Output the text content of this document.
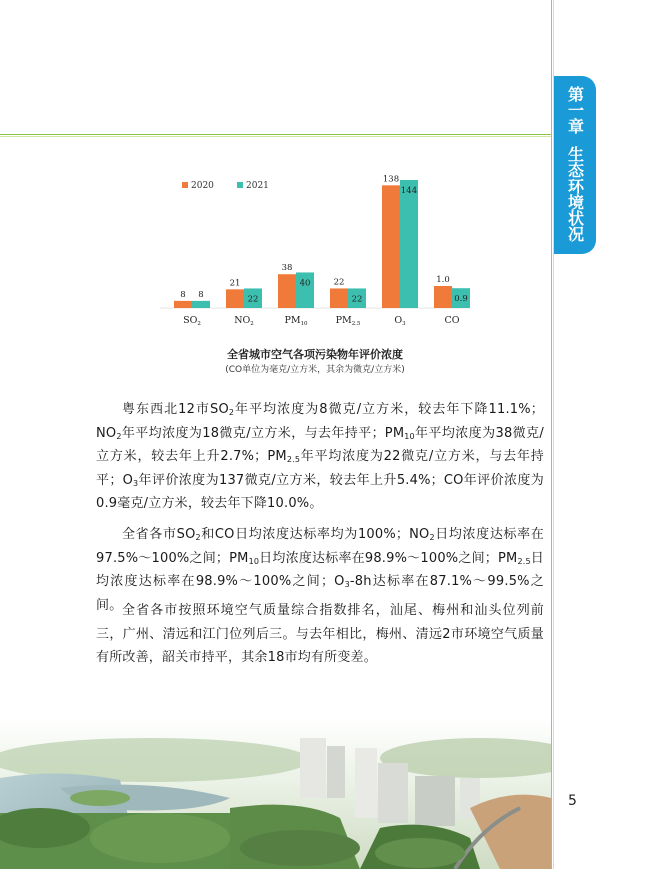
第一章
生态环境状况
2020	2021
8 8
$SO_2$
21
22
$NO_2$
38
40
$PM_{10}$
22
22
$PM_{2.5}$
138
144
$O_3$
1.0
0.9
CO
全省城市空气各项污染物年评价浓度
(CO单位为毫克/立方米，其余为微克/立方米)
粤东西北12市$SO_2$年平均浓度为8微克/立方米，较去年下降11.1%；$NO_2$年平均浓度为18微克/立方米，与去年持平；$PM_{10}$年平均浓度为38微克/立方米，较去年上升2.7%；$PM_{2.5}$年平均浓度为22微克/立方米，与去年持平；$O_3$年评价浓度为137微克/立方米，较去年上升5.4%；CO年评价浓度为0.9毫克/立方米，较去年下降10.0%。
全省各市$SO_2$和CO日均浓度达标率均为100%；$NO_2$日均浓度达标率在97.5%～100%之间；$PM_{10}$日均浓度达标率在98.9%～100%之间；$PM_{2.5}$日均浓度达标率在98.9%～100%之间；$O_3-8h$达标率在87.1%～99.5%之间。 全省各市按照环境空气质量综合指数排名，汕尾、梅州和汕头位列前三，广州、清远和江门位列后三。与去年相比，梅州、清远2市环境空气质量有所改善，韶关市持平，其余18市均有所变差。
5
